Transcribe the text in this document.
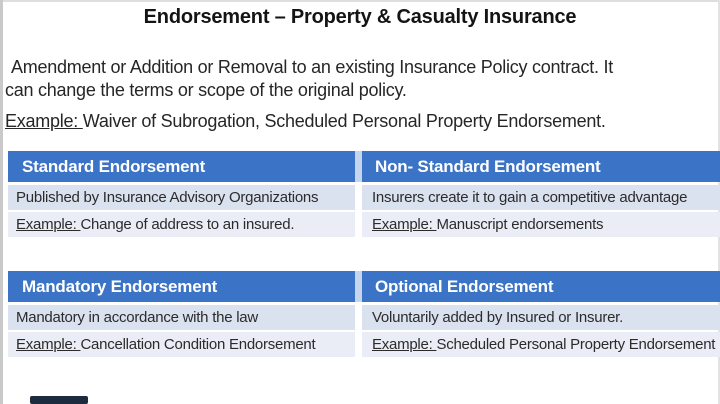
Endorsement – Property & Casualty Insurance
Amendment or Addition or Removal to an existing Insurance Policy contract. It
can change the terms or scope of the original policy.
Example: Waiver of Subrogation, Scheduled Personal Property Endorsement.
Standard Endorsement	Non- Standard Endorsement
Published by Insurance Advisory Organizations	Insurers create it to gain a competitive advantage
Example: Change of address to an insured.	Example: Manuscript endorsements
Mandatory Endorsement	Optional Endorsement
Mandatory in accordance with the law	Voluntarily added by Insured or Insurer.
Example: Cancellation Condition Endorsement	Example: Scheduled Personal Property Endorsement
